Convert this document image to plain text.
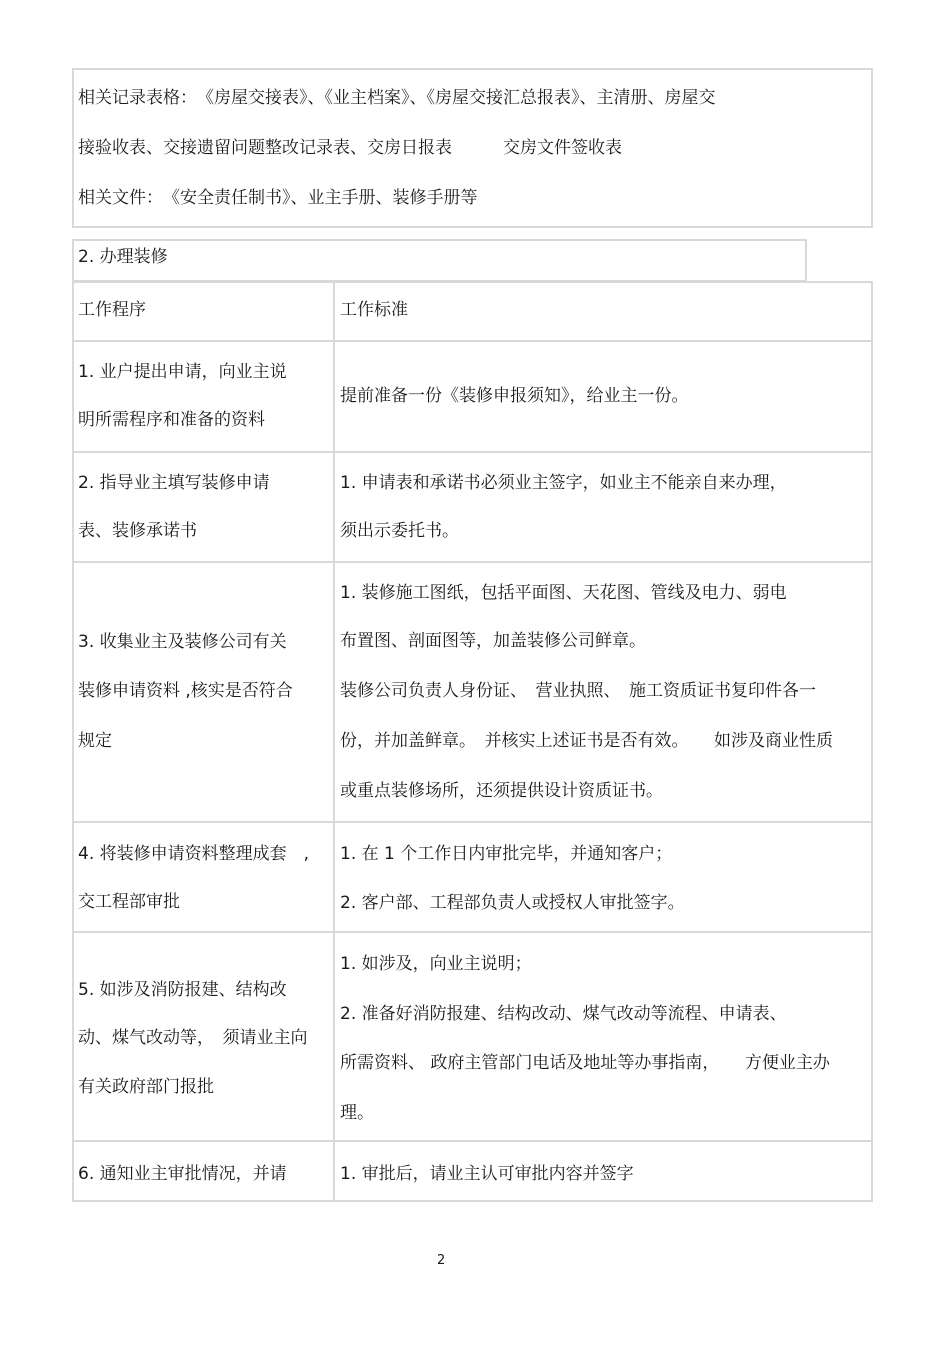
相关记录表格：　《房屋交接表》、《业主档案》、《房屋交接汇总报表》、主清册、房屋交
接验收表、交接遗留问题整改记录表、交房日报表　　　交房文件签收表
相关文件：　《安全责任制书》、业主手册、装修手册等
2. 办理装修
工作程序	工作标准
1. 业户提出申请，向业主说
明所需程序和准备的资料
提前准备一份《装修申报须知》，给业主一份。
2. 指导业主填写装修申请
表、装修承诺书
1. 申请表和承诺书必须业主签字，如业主不能亲自来办理，
须出示委托书。
3. 收集业主及装修公司有关
装修申请资料 ,核实是否符合
规定
1. 装修施工图纸，包括平面图、天花图、管线及电力、弱电
布置图、剖面图等，加盖装修公司鲜章。
装修公司负责人身份证、　营业执照、　施工资质证书复印件各一
份，并加盖鲜章。　并核实上述证书是否有效。　　如涉及商业性质
或重点装修场所，还须提供设计资质证书。
4. 将装修申请资料整理成套　,
交工程部审批
1. 在 1 个工作日内审批完毕，并通知客户；
2. 客户部、工程部负责人或授权人审批签字。
5. 如涉及消防报建、结构改
动、煤气改动等，　须请业主向
有关政府部门报批
1. 如涉及，向业主说明；
2. 准备好消防报建、结构改动、煤气改动等流程、申请表、
所需资料、 政府主管部门电话及地址等办事指南，　　方便业主办
理。
6. 通知业主审批情况，并请	1. 审批后，请业主认可审批内容并签字
2
